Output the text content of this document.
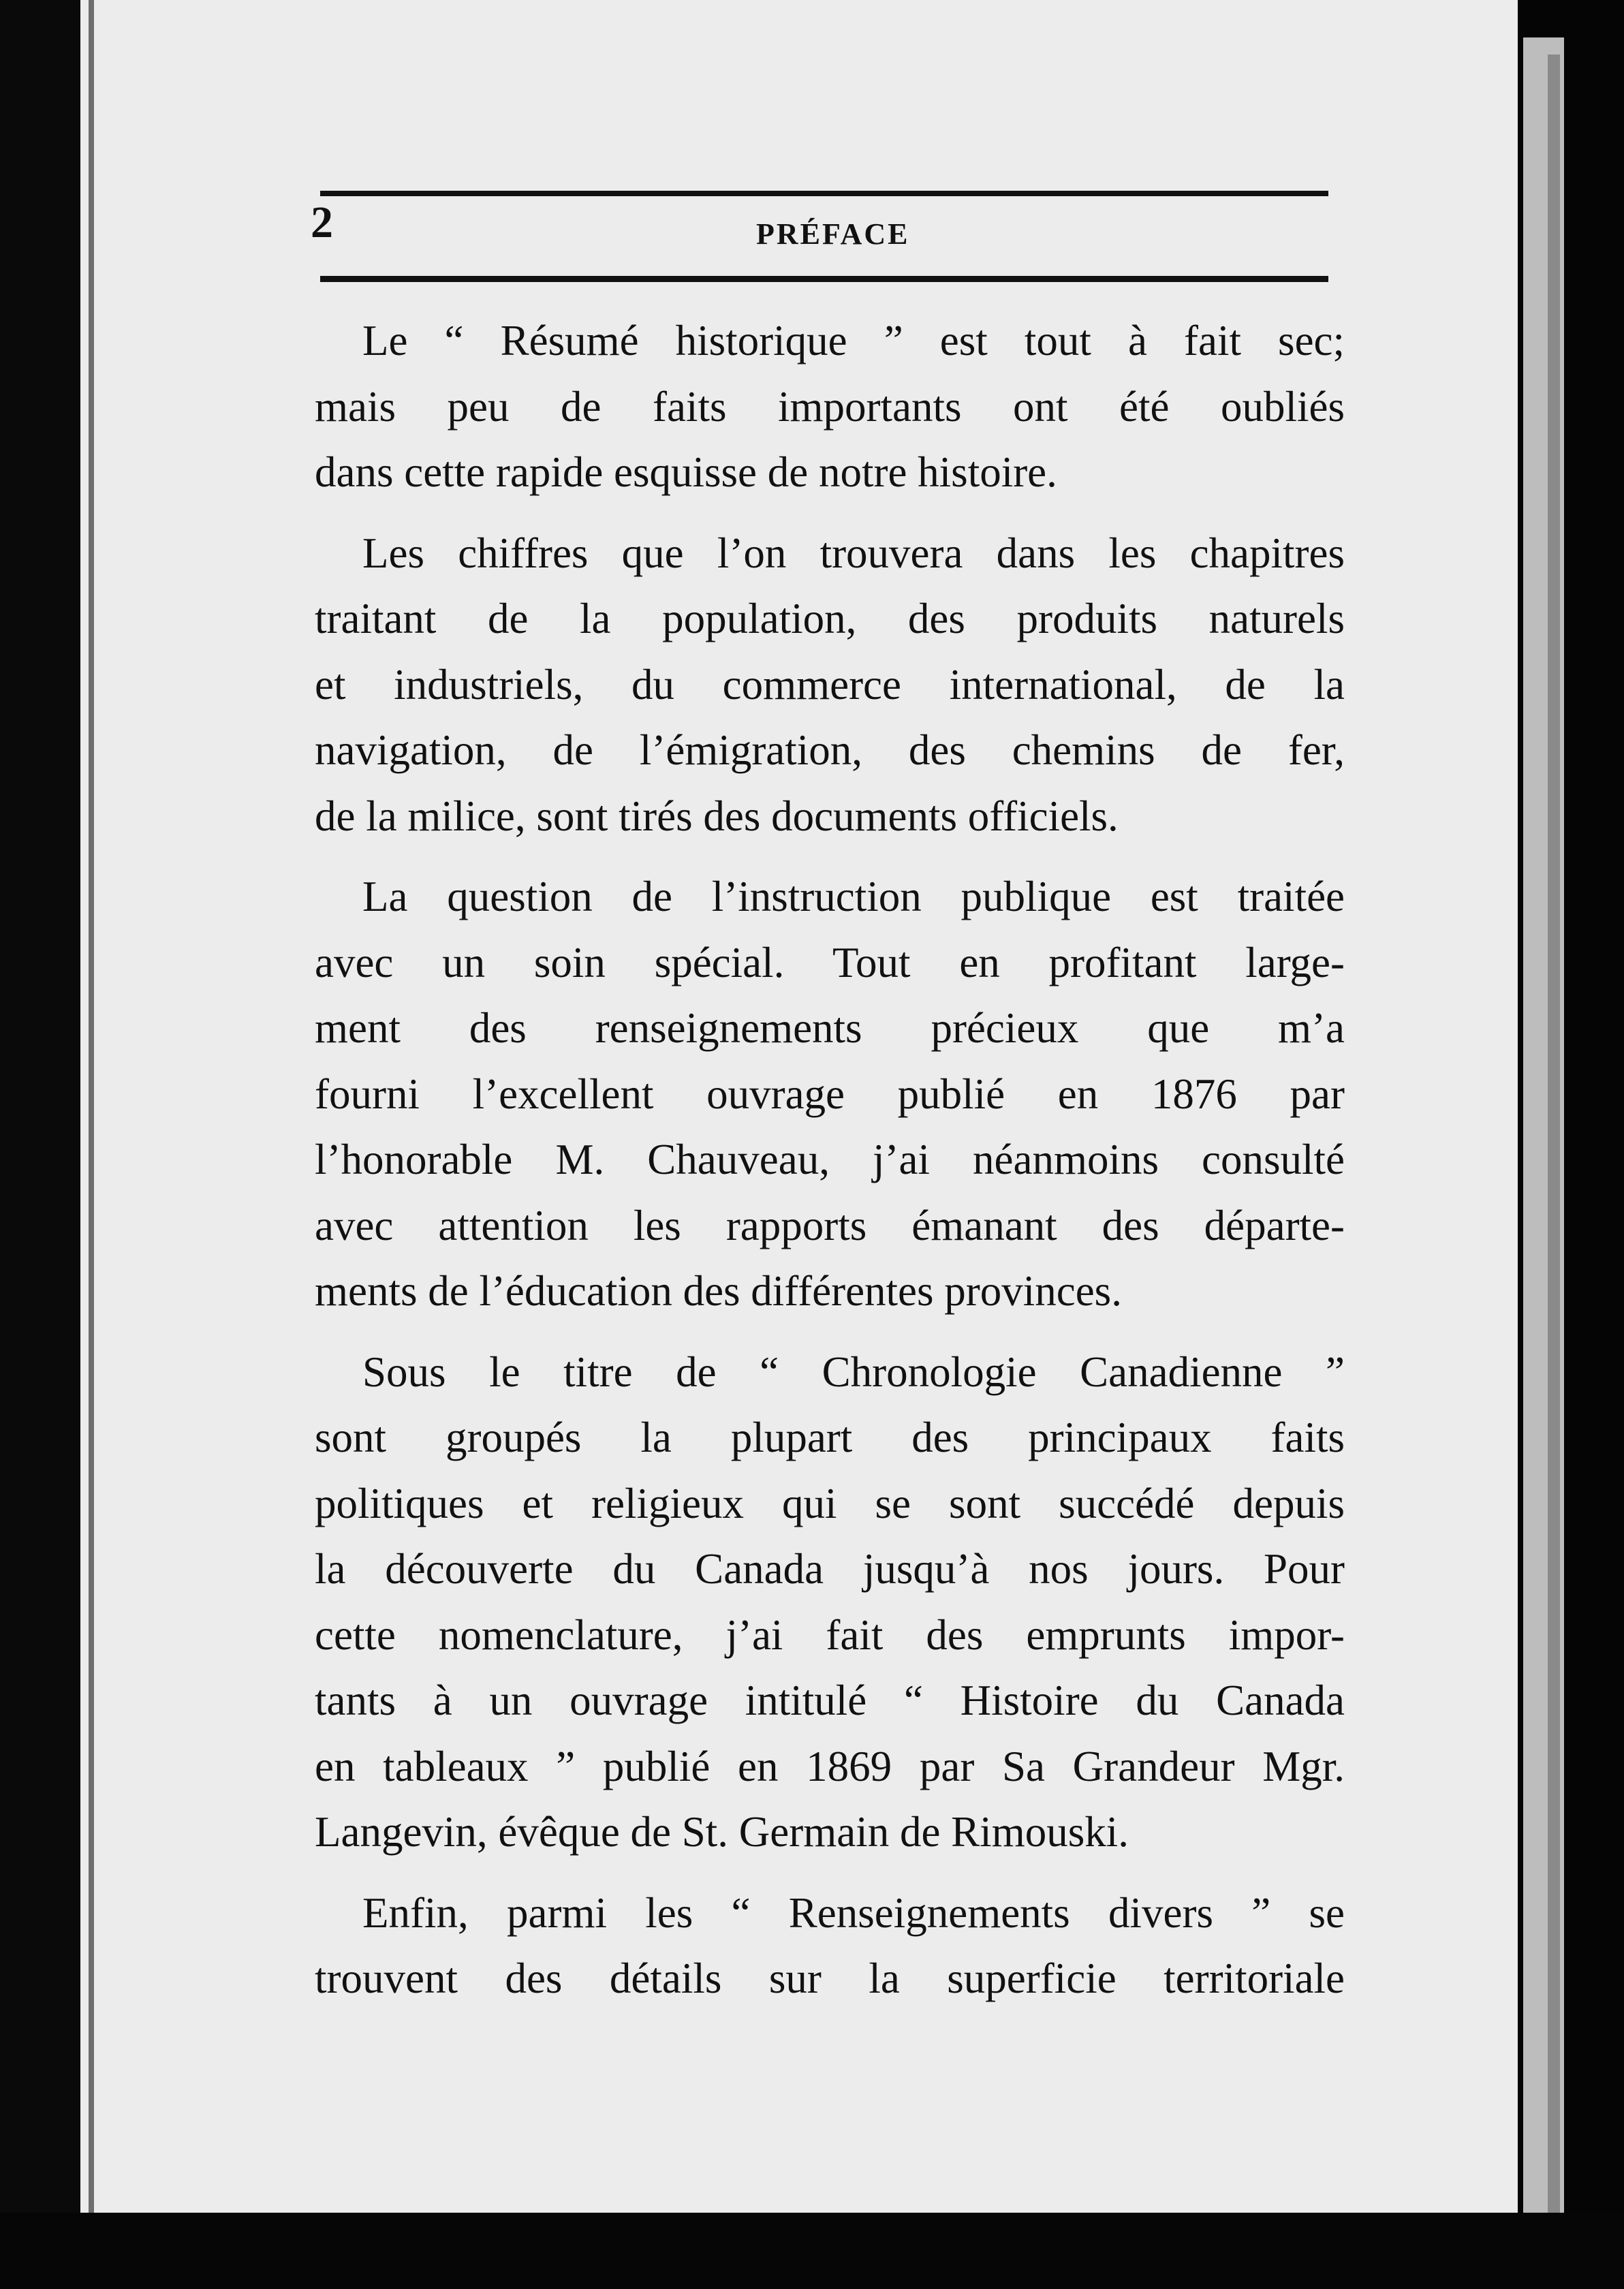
2	PRÉFACE

Le “ Résumé historique ” est tout à fait sec;
mais peu de faits importants ont été oubliés
dans cette rapide esquisse de notre histoire.

Les chiffres que l’on trouvera dans les chapitres
traitant de la population, des produits naturels
et industriels, du commerce international, de la
navigation, de l’émigration, des chemins de fer,
de la milice, sont tirés des documents officiels.

La question de l’instruction publique est traitée
avec un soin spécial. Tout en profitant large-
ment des renseignements précieux que m’a
fourni l’excellent ouvrage publié en 1876 par
l’honorable M. Chauveau, j’ai néanmoins consulté
avec attention les rapports émanant des départe-
ments de l’éducation des différentes provinces.

Sous le titre de “ Chronologie Canadienne ”
sont groupés la plupart des principaux faits
politiques et religieux qui se sont succédé depuis
la découverte du Canada jusqu’à nos jours. Pour
cette nomenclature, j’ai fait des emprunts impor-
tants à un ouvrage intitulé “ Histoire du Canada
en tableaux ” publié en 1869 par Sa Grandeur Mgr.
Langevin, évêque de St. Germain de Rimouski.

Enfin, parmi les “ Renseignements divers ” se
trouvent des détails sur la superficie territoriale
